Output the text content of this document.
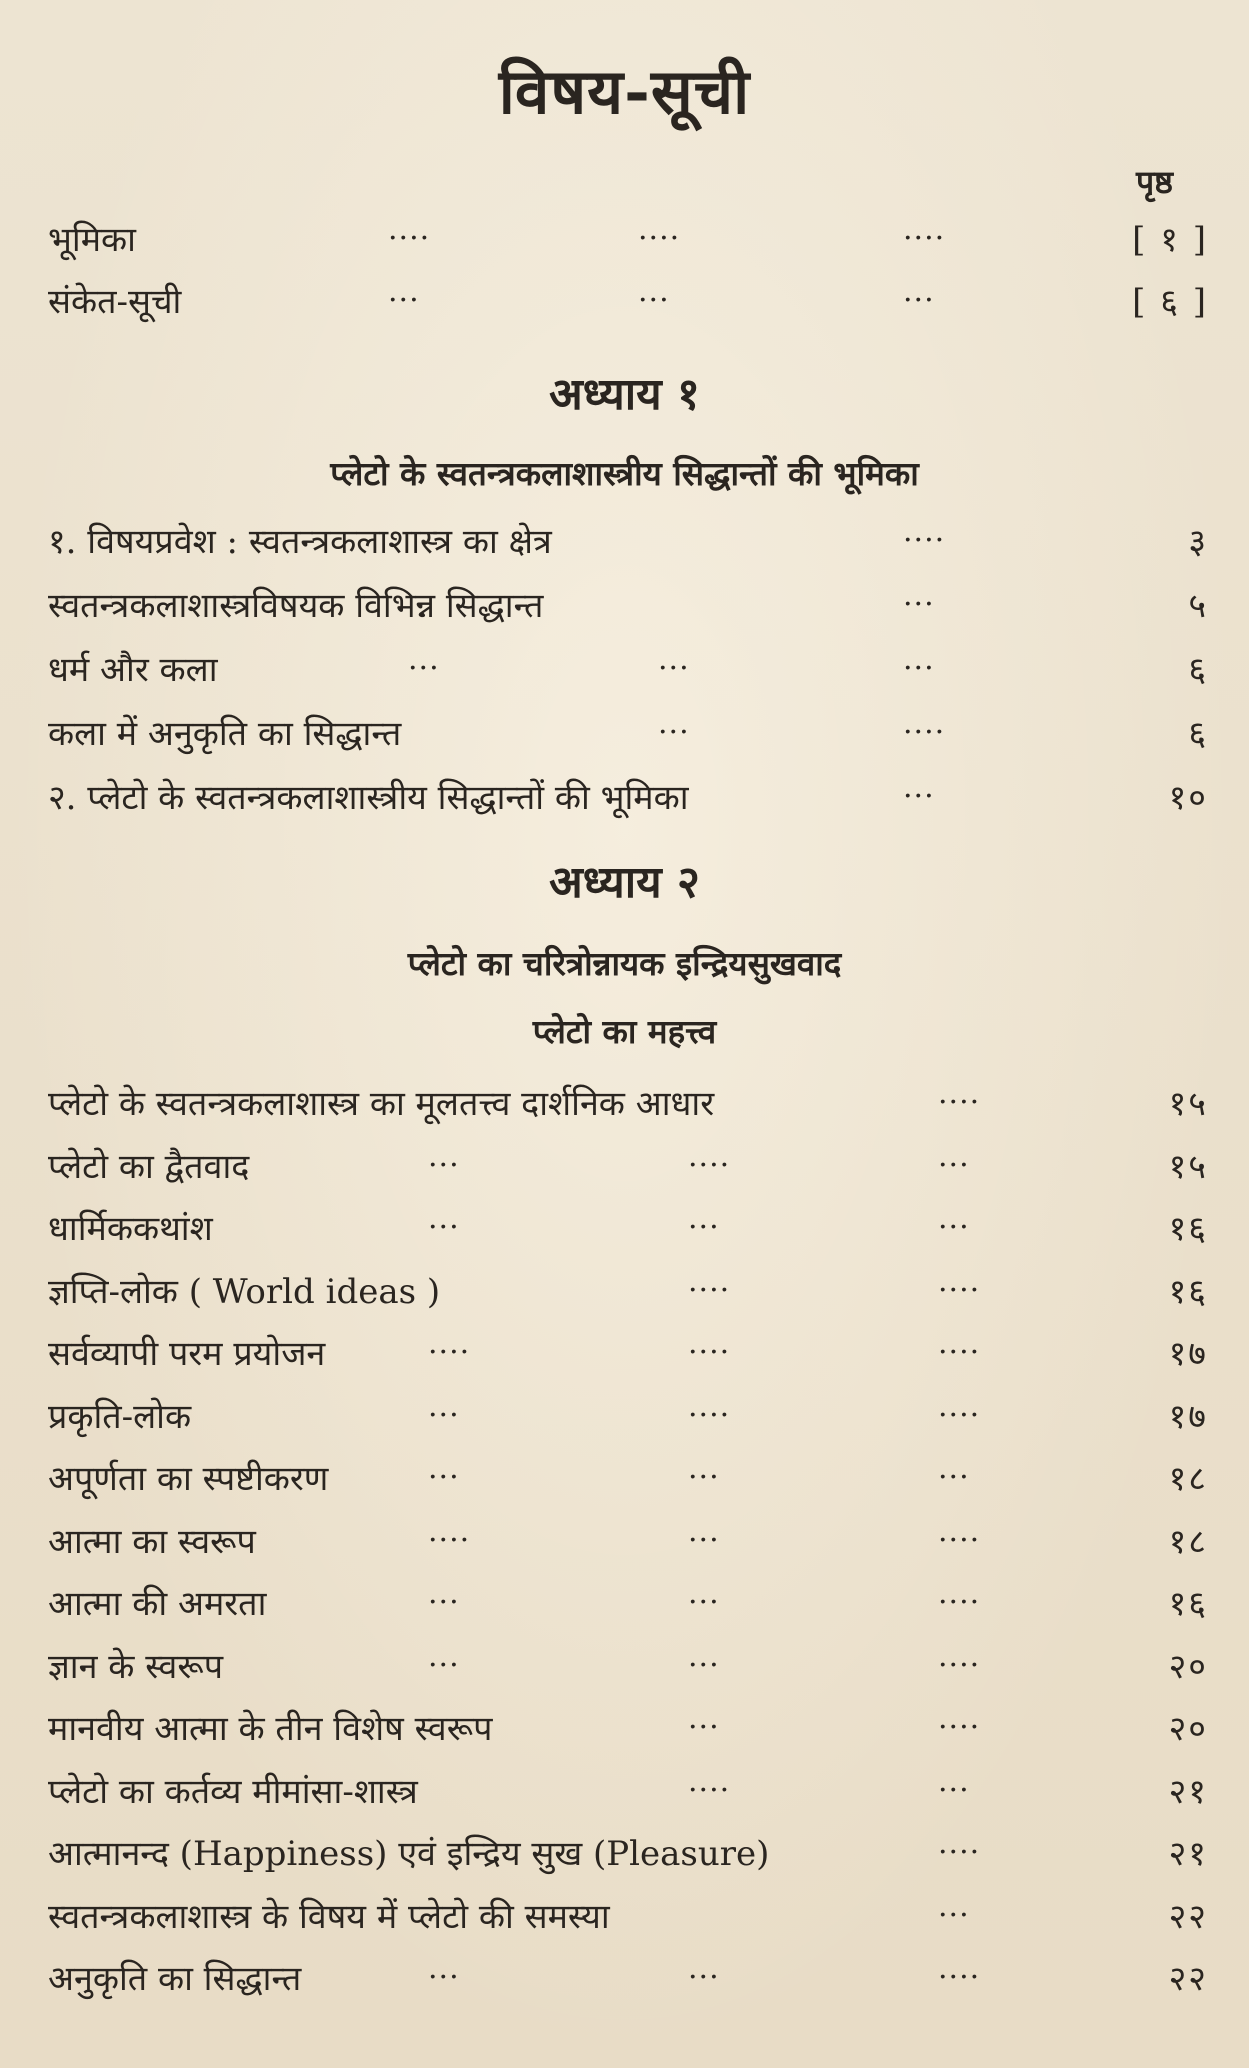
विषय-सूची
पृष्ठ
भूमिका	....	....	....	[ १ ]
संकेत-सूची	...	...	...	[ ६ ]
अध्याय १
प्लेटो के स्वतन्त्रकलाशास्त्रीय सिद्धान्तों की भूमिका
१. विषयप्रवेश : स्वतन्त्रकलाशास्त्र का क्षेत्र	....	३
स्वतन्त्रकलाशास्त्रविषयक विभिन्न सिद्धान्त	...	५
धर्म और कला	...	...	...	६
कला में अनुकृति का सिद्धान्त	...	....	६
२. प्लेटो के स्वतन्त्रकलाशास्त्रीय सिद्धान्तों की भूमिका	...	१०
अध्याय २
प्लेटो का चरित्रोन्नायक इन्द्रियसुखवाद
प्लेटो का महत्त्व
प्लेटो के स्वतन्त्रकलाशास्त्र का मूलतत्त्व दार्शनिक आधार	....	१५
प्लेटो का द्वैतवाद	...	....	...	१५
धार्मिककथांश	...	...	...	१६
ज्ञप्ति-लोक ( World ideas )	....	....	१६
सर्वव्यापी परम प्रयोजन	....	....	....	१७
प्रकृति-लोक	...	....	....	१७
अपूर्णता का स्पष्टीकरण	...	...	...	१८
आत्मा का स्वरूप	....	...	....	१८
आत्मा की अमरता	...	...	....	१६
ज्ञान के स्वरूप	...	...	....	२०
मानवीय आत्मा के तीन विशेष स्वरूप	...	....	२०
प्लेटो का कर्तव्य मीमांसा-शास्त्र	....	...	२१
आत्मानन्द (Happiness) एवं इन्द्रिय सुख (Pleasure)	....	२१
स्वतन्त्रकलाशास्त्र के विषय में प्लेटो की समस्या	...	२२
अनुकृति का सिद्धान्त	...	...	....	२२
